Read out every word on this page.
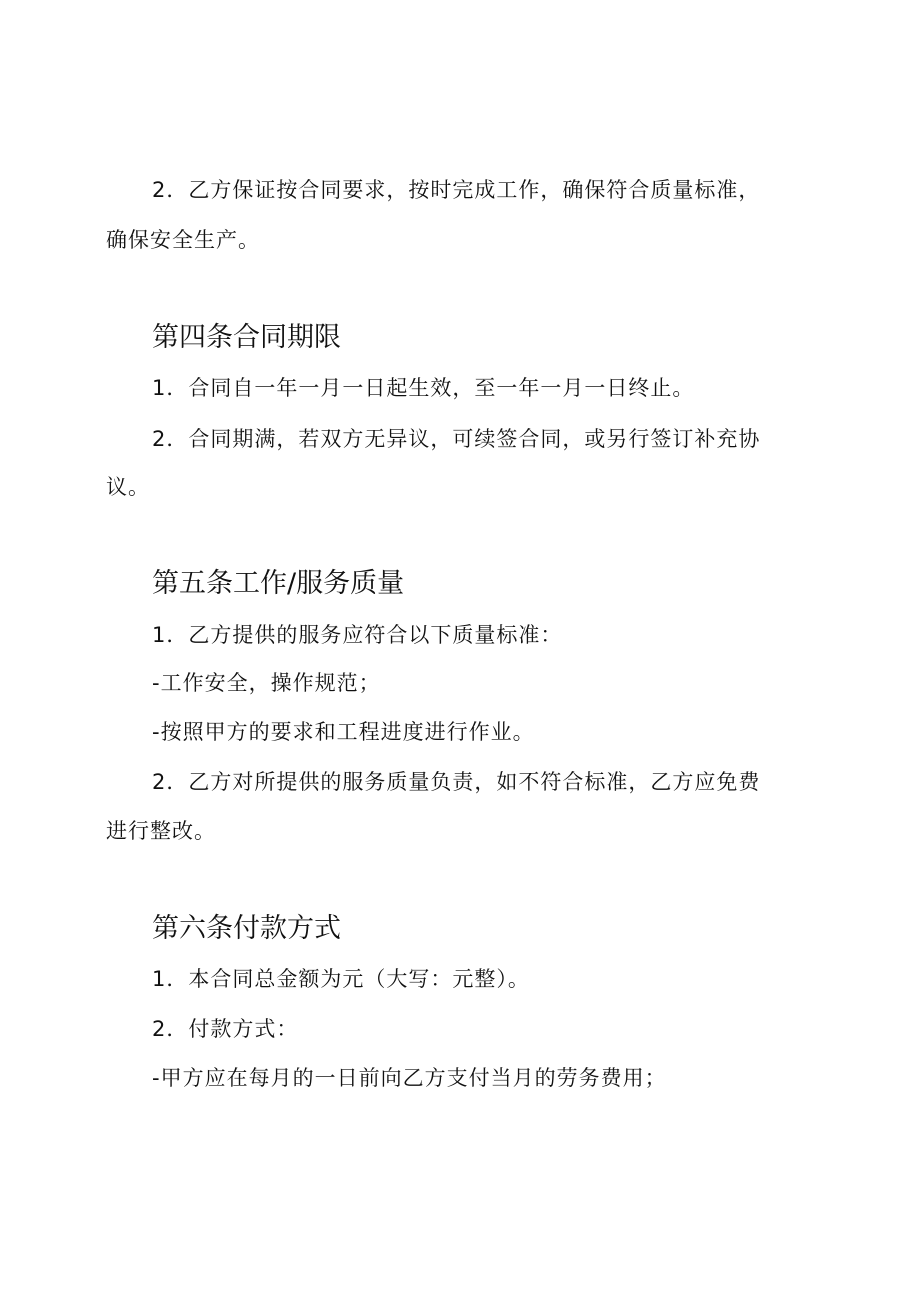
2．乙方保证按合同要求，按时完成工作，确保符合质量标准，

确保安全生产。

第四条合同期限

1．合同自一年一月一日起生效，至一年一月一日终止。

2．合同期满，若双方无异议，可续签合同，或另行签订补充协

议。

第五条工作/服务质量

1．乙方提供的服务应符合以下质量标准：

-工作安全，操作规范；

-按照甲方的要求和工程进度进行作业。

2．乙方对所提供的服务质量负责，如不符合标准，乙方应免费

进行整改。

第六条付款方式

1．本合同总金额为元（大写：元整）。

2．付款方式：

-甲方应在每月的一日前向乙方支付当月的劳务费用；
